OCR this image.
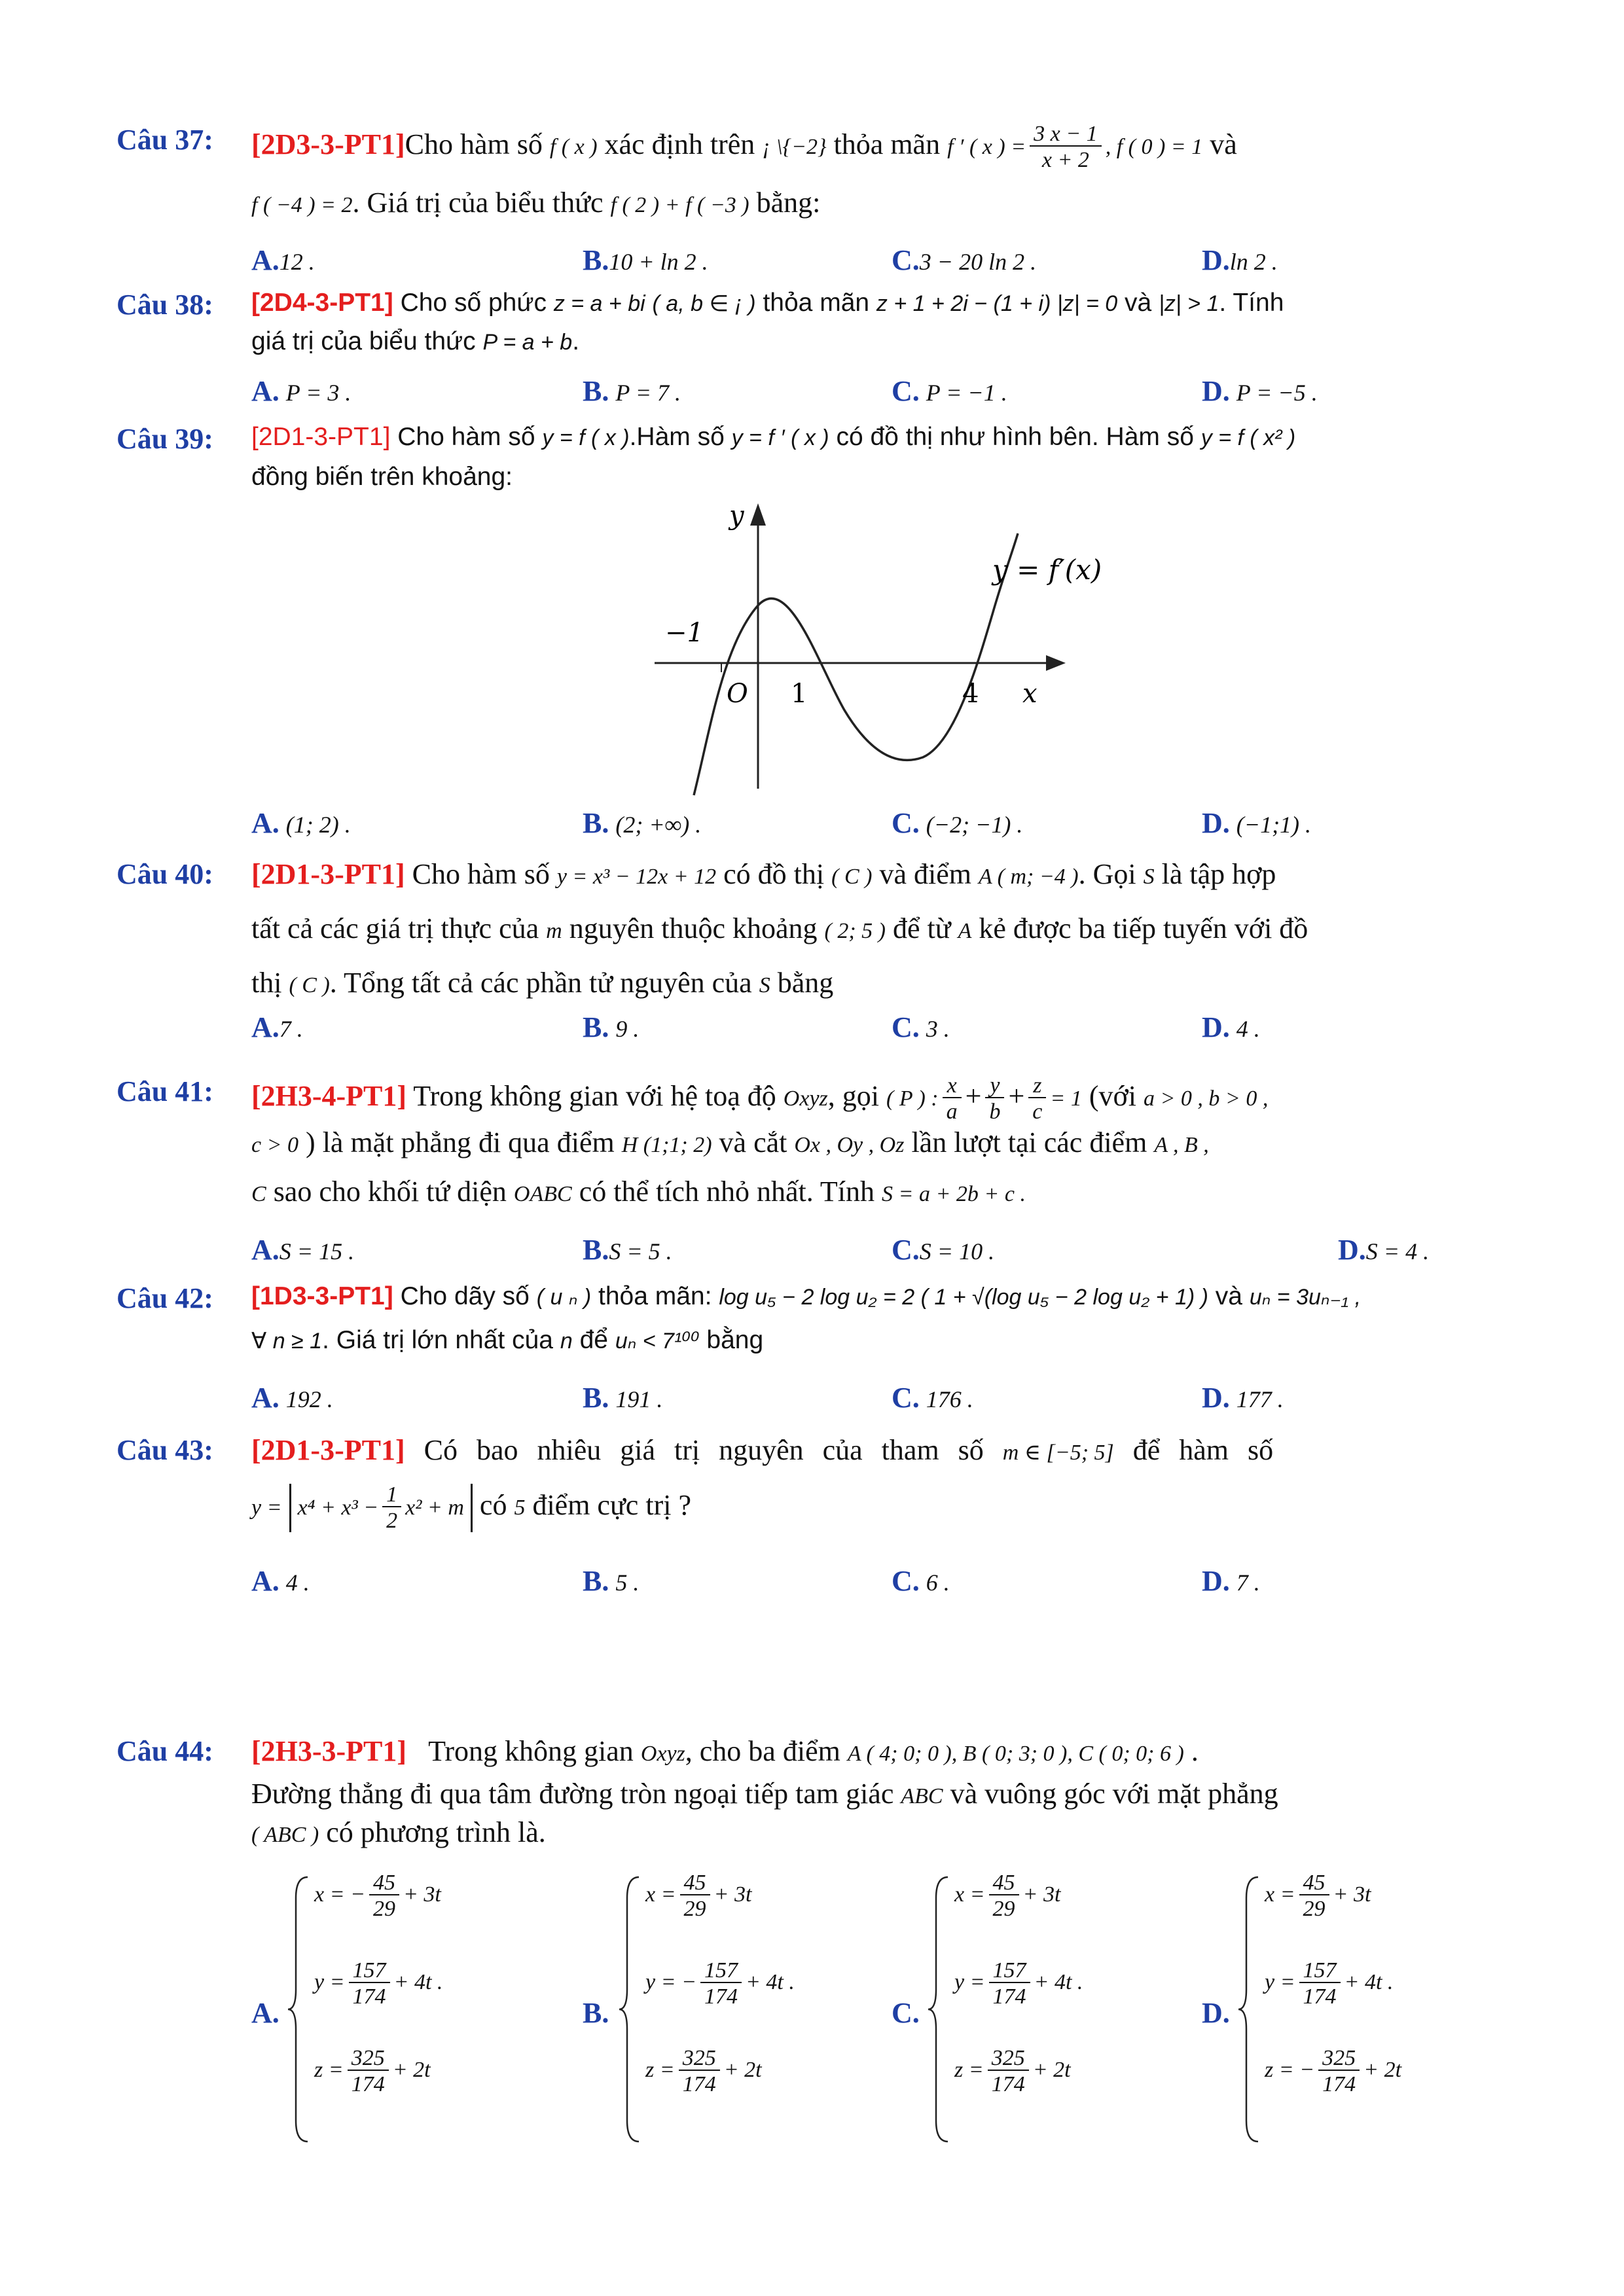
Câu 37: [2D3-3-PT1]Cho hàm số f ( x ) xác định trên ¡ \{−2} thỏa mãn f ′ ( x ) = $\frac{3 x - 1}{x + 2}$ , f ( 0 ) = 1 và
f ( −4 ) = 2. Giá trị của biểu thức f ( 2 ) + f ( −3 ) bằng:
A.12 .	B.10 + ln 2 .	C.3 − 20 ln 2 .	D.ln 2 .
Câu 38: [2D4-3-PT1] Cho số phức z = a + bi ( a, b ∈ ¡ ) thỏa mãn z + 1 + 2i − (1 + i) |z| = 0 và |z| > 1. Tính
giá trị của biểu thức P = a + b.
A. P = 3 .	B. P = 7 .	C. P = −1 .	D. P = −5 .
Câu 39: [2D1-3-PT1] Cho hàm số y = f ( x ).Hàm số y = f ′ ( x ) có đồ thị như hình bên. Hàm số y = f ( x² )
đồng biến trên khoảng:
−1
O 1	4 x
y
y = f′(x)
A. (1; 2) .	B. (2; +∞) .	C. (−2; −1) .	D. (−1;1) .
Câu 40: [2D1-3-PT1] Cho hàm số y = x³ − 12x + 12 có đồ thị ( C ) và điểm A ( m; −4 ). Gọi S là tập hợp
tất cả các giá trị thực của m nguyên thuộc khoảng ( 2; 5 ) để từ A kẻ được ba tiếp tuyến với đồ
thị ( C ). Tổng tất cả các phần tử nguyên của S bằng
A.7 .	B. 9 .	C. 3 .	D. 4 .
Câu 41: [2H3-4-PT1] Trong không gian với hệ toạ độ Oxyz, gọi ( P ) : $\frac{x}{a} + \frac{y}{b} + \frac{z}{c} = 1$ (với a > 0 , b > 0 ,
c > 0 ) là mặt phẳng đi qua điểm H (1;1; 2) và cắt Ox , Oy , Oz lần lượt tại các điểm A , B ,
C sao cho khối tứ diện OABC có thể tích nhỏ nhất. Tính S = a + 2b + c .
A.S = 15 .	B.S = 5 .	C.S = 10 .	D.S = 4 .
Câu 42: [1D3-3-PT1] Cho dãy số ( u ₙ ) thỏa mãn: log u₅ − 2 log u₂ = 2 ( 1 + √(log u₅ − 2 log u₂ + 1) ) và uₙ = 3uₙ₋₁ ,
∀ n ≥ 1. Giá trị lớn nhất của n để uₙ < 7¹⁰⁰ bằng
A. 192 .	B. 191 .	C. 176 .	D. 177 .
Câu 43: [2D1-3-PT1] Có bao nhiêu giá trị nguyên của tham số m ∈ [−5; 5] để hàm số
$y = x^4 + x^3 - \frac{1}{2} x^2 + m$ có 5 điểm cực trị ?
A. 4 .	B. 5 .	C. 6 .	D. 7 .
Câu 44: [2H3-3-PT1] Trong không gian Oxyz, cho ba điểm A ( 4; 0; 0 ), B ( 0; 3; 0 ), C ( 0; 0; 6 ) .
Đường thẳng đi qua tâm đường tròn ngoại tiếp tam giác ABC và vuông góc với mặt phẳng
( ABC ) có phương trình là.
A.
x = − $\frac{45}{29} + 3t$
$y = \frac{157}{174} + 4t$ .
$z = \frac{325}{174} + 2t$
B.
$x = \frac{45}{29} + 3t$
y = − $\frac{157}{174} + 4t$ .
$z = \frac{325}{174} + 2t$
C.
$x = \frac{45}{29} + 3t$
$y = \frac{157}{174} + 4t$ .
$z = \frac{325}{174} + 2t$
D.
$x = \frac{45}{29} + 3t$
$y = \frac{157}{174} + 4t$ .
z = − $\frac{325}{174} + 2t$
